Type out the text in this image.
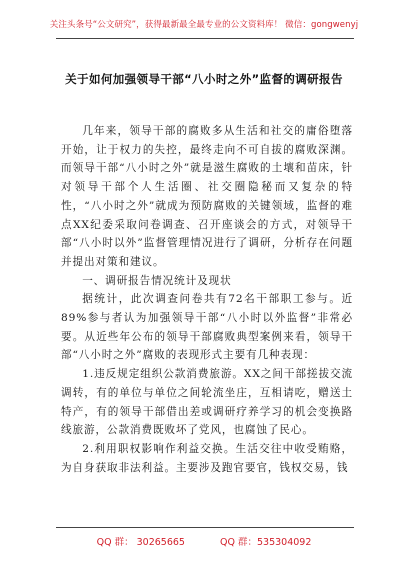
关注头条号“公文研究”，获得最新最全最专业的公文资料库！ 微信：gongwenyj
关于如何加强领导干部“八小时之外”监督的调研报告

几年来，领导干部的腐败多从生活和社交的庸俗堕落开始，让于权力的失控，最终走向不可自拔的腐败深渊。而领导干部“八小时之外”就是滋生腐败的土壤和苗床，针对领导干部个人生活圈、社交圈隐秘而又复杂的特性，“八小时之外”就成为预防腐败的关键领域，监督的难点XX纪委采取问卷调查、召开座谈会的方式，对领导干部“八小时以外”监督管理情况进行了调研，分析存在问题并提出对策和建议。

一、调研报告情况统计及现状

据统计，此次调查问卷共有72名干部职工参与。近89%参与者认为加强领导干部“八小时以外监督”非常必要。从近些年公布的领导干部腐败典型案例来看，领导干部“八小时之外”腐败的表现形式主要有几种表现：

1.违反规定组织公款消费旅游。XX之间干部搓拔交流调转，有的单位与单位之间轮流坐庄，互相请吃，赠送土特产，有的领导干部借出差或调研疗养学习的机会变换路线旅游，公款消费既败坏了党风，也腐蚀了民心。

2.利用职权影响作利益交换。生活交往中收受贿赂，为自身获取非法利益。主要涉及跑官要官，钱权交易，钱

QQ 群： 30265665	QQ 群：535304092
